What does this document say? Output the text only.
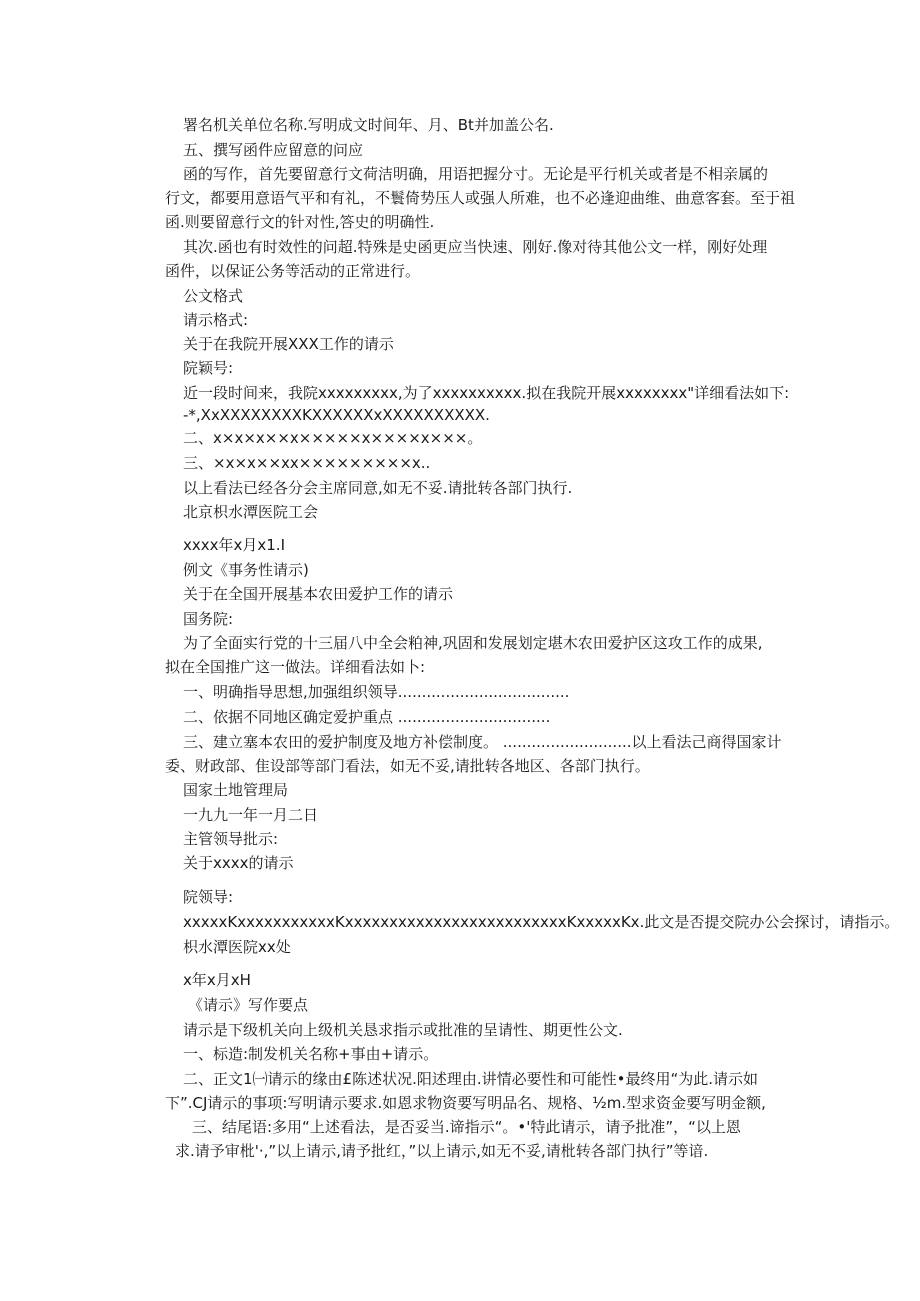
署名机关单位名称.写明成文时间年、月、Bt并加盖公名.
五、撰写函件应留意的问应
函的写作，首先要留意行文荷洁明确，用语把握分寸。无论是平行机关或者是不相亲属的
行文，都要用意语气平和有礼，不鬟倚势压人或强人所难，也不必逢迎曲维、曲意客套。至于祖
函.则要留意行文的针对性,答史的明确性.
其次.函也有时效性的问超.特殊是史函更应当快速、刚好.像对待其他公文一样，刚好处理
函件，以保证公务等活动的正常进行。
公文格式
请示格式:
关于在我院开展XXX工作的请示
院颖号:
近一段时间来，我院xxxxxxxxx,为了xxxxxxxxxx.拟在我院开展xxxxxxxx"详细看法如下:
-*,XxXXXXXXXXKXXXXXXxXXXXXXXXXX.
二、x×x×x××x×××××x××××x×××。
三、×x×x××xx×××××××××x..
以上看法已经各分会主席同意,如无不妥.请批转各部门执行.
北京枳水潭医院工会
xxxx年x月x1.I
例文《事务性请示)
关于在全国开展基本农田爱护工作的请示
国务院:
为了全面实行党的十三届八中全会粕神,巩固和发展划定堪木农田爱护区这攻工作的成果,
拟在全国推广这一做法。详细看法如卜:
一、明确指导思想,加强组织领导....................................
二、依据不同地区确定爱护重点 ................................
三、建立塞本农田的爱护制度及地方补偿制度。 ...........................以上看法己商得国家计
委、财政部、隹设部等部门看法，如无不妥,请批转各地区、各部门执行。
国家土地管理局
一九九一年一月二日
主管领导批示:
关于xxxx的请示
院领导:
xxxxxKxxxxxxxxxxxKxxxxxxxxxxxxxxxxxxxxxxxxxKxxxxxKx.此文是否提交院办公会探讨，请指示。
枳水潭医院xx处
x年x月xH
《请示》写作要点
请示是下级机关向上级机关恳求指示或批准的呈请性、期更性公文.
一、标造:制发机关名称+事由+请示。
二、正文1㈠请示的缘由£陈述状况.阳述理由.讲情必要性和可能性•最终用“为此.请示如
下”.CJ请示的事项:写明请示要求.如恩求物资要写明品名、规格、½m.型求资金要写明金额,
三、结尾语:多用“上述看法，是否妥当.谛指示“。•'特此请示，请予批准”，“以上恩
求.请予审枇'·,”以上请示,请予批红，”以上请示,如无不妥,请枇转各部门执行”等谙.
